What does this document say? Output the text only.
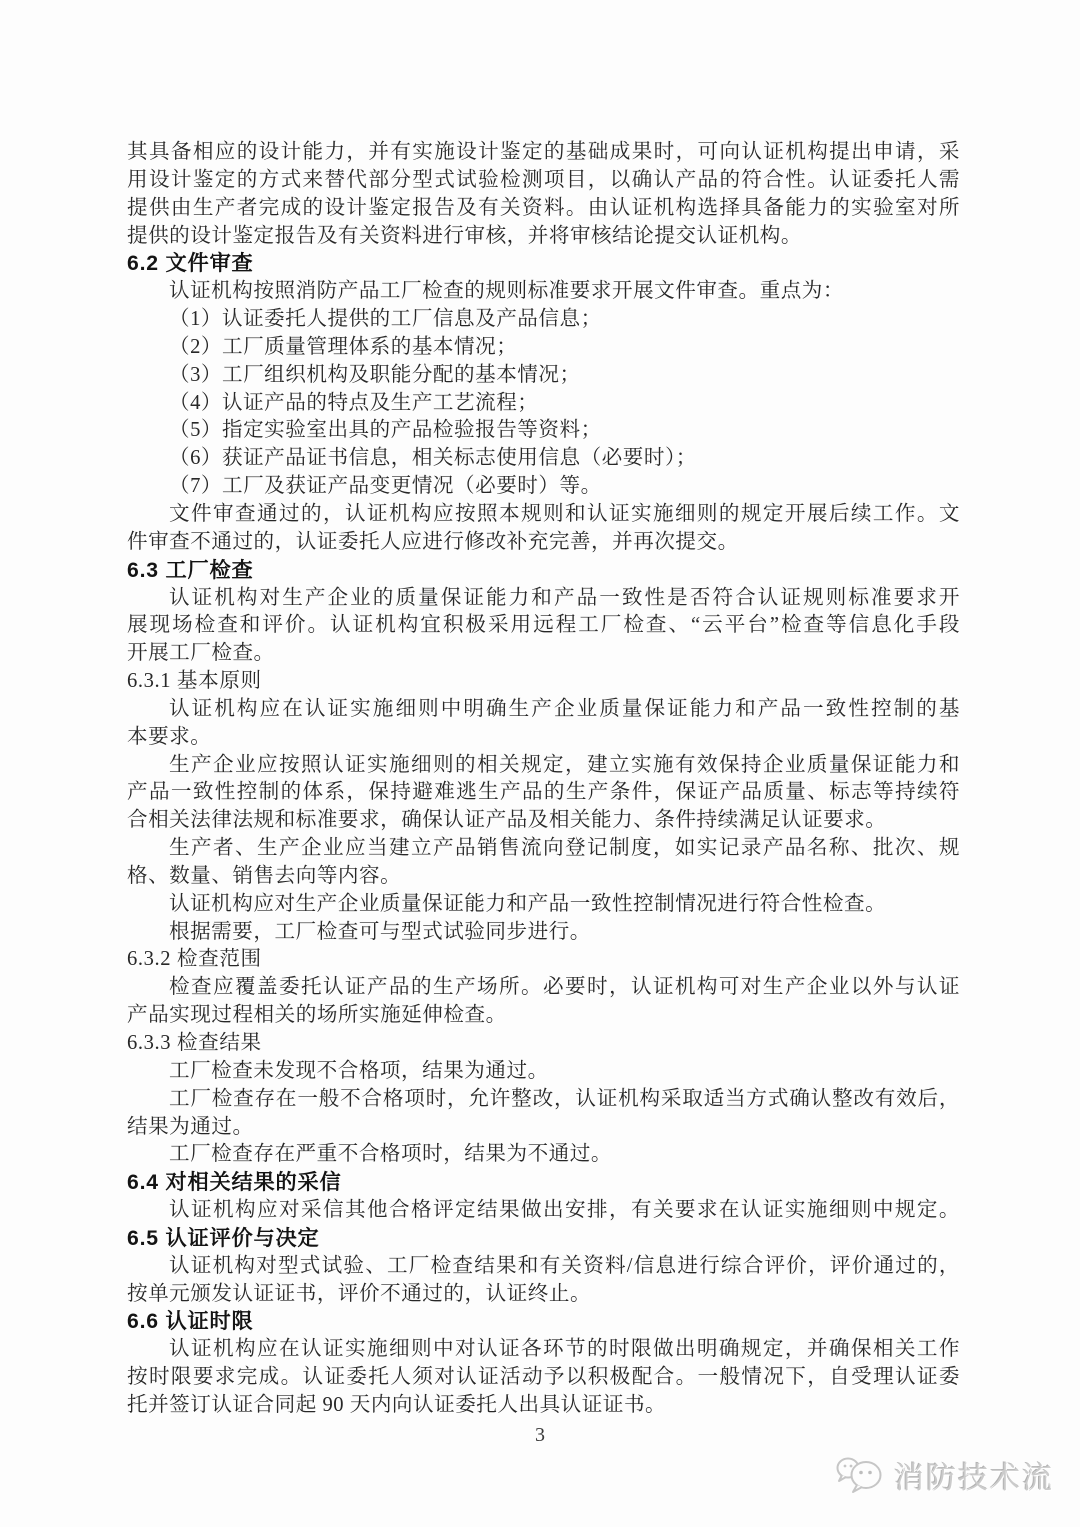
其具备相应的设计能力，并有实施设计鉴定的基础成果时，可向认证机构提出申请，采
用设计鉴定的方式来替代部分型式试验检测项目，以确认产品的符合性。认证委托人需
提供由生产者完成的设计鉴定报告及有关资料。由认证机构选择具备能力的实验室对所
提供的设计鉴定报告及有关资料进行审核，并将审核结论提交认证机构。
6.2 文件审查
认证机构按照消防产品工厂检查的规则标准要求开展文件审查。重点为：
（1）认证委托人提供的工厂信息及产品信息；
（2）工厂质量管理体系的基本情况；
（3）工厂组织机构及职能分配的基本情况；
（4）认证产品的特点及生产工艺流程；
（5）指定实验室出具的产品检验报告等资料；
（6）获证产品证书信息，相关标志使用信息（必要时）；
（7）工厂及获证产品变更情况（必要时）等。
文件审查通过的，认证机构应按照本规则和认证实施细则的规定开展后续工作。文
件审查不通过的，认证委托人应进行修改补充完善，并再次提交。
6.3 工厂检查
认证机构对生产企业的质量保证能力和产品一致性是否符合认证规则标准要求开
展现场检查和评价。认证机构宜积极采用远程工厂检查、“云平台”检查等信息化手段
开展工厂检查。
6.3.1 基本原则
认证机构应在认证实施细则中明确生产企业质量保证能力和产品一致性控制的基
本要求。
生产企业应按照认证实施细则的相关规定，建立实施有效保持企业质量保证能力和
产品一致性控制的体系，保持避难逃生产品的生产条件，保证产品质量、标志等持续符
合相关法律法规和标准要求，确保认证产品及相关能力、条件持续满足认证要求。
生产者、生产企业应当建立产品销售流向登记制度，如实记录产品名称、批次、规
格、数量、销售去向等内容。
认证机构应对生产企业质量保证能力和产品一致性控制情况进行符合性检查。
根据需要，工厂检查可与型式试验同步进行。
6.3.2 检查范围
检查应覆盖委托认证产品的生产场所。必要时，认证机构可对生产企业以外与认证
产品实现过程相关的场所实施延伸检查。
6.3.3 检查结果
工厂检查未发现不合格项，结果为通过。
工厂检查存在一般不合格项时，允许整改，认证机构采取适当方式确认整改有效后，
结果为通过。
工厂检查存在严重不合格项时，结果为不通过。
6.4 对相关结果的采信
认证机构应对采信其他合格评定结果做出安排，有关要求在认证实施细则中规定。
6.5 认证评价与决定
认证机构对型式试验、工厂检查结果和有关资料/信息进行综合评价，评价通过的，
按单元颁发认证证书，评价不通过的，认证终止。
6.6 认证时限
认证机构应在认证实施细则中对认证各环节的时限做出明确规定，并确保相关工作
按时限要求完成。认证委托人须对认证活动予以积极配合。一般情况下，自受理认证委
托并签订认证合同起 90 天内向认证委托人出具认证证书。
3
消防技术流
